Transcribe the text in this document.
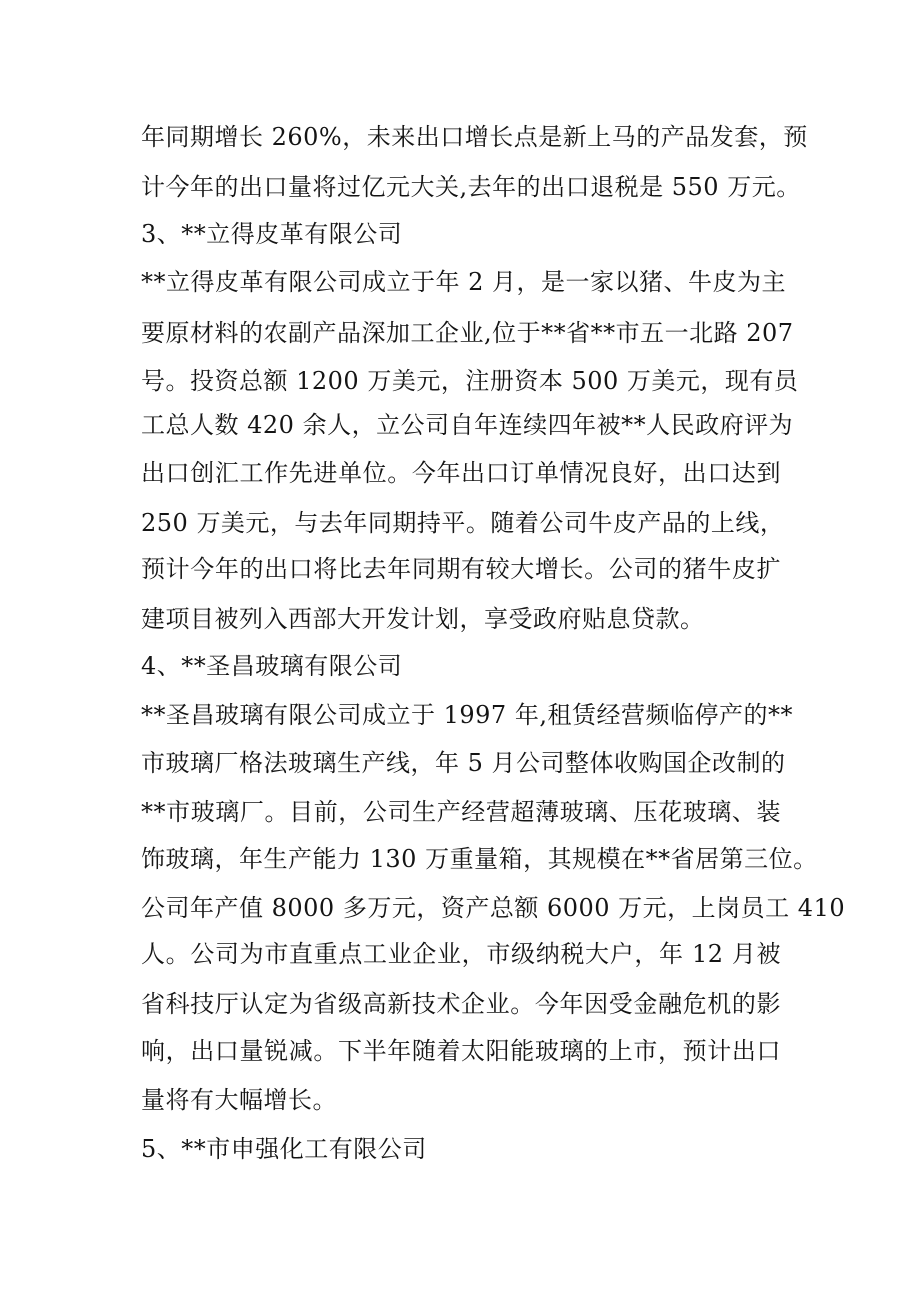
年同期增长 260%，未来出口增长点是新上马的产品发套，预
计今年的出口量将过亿元大关,去年的出口退税是 550 万元。
3、**立得皮革有限公司
**立得皮革有限公司成立于年 2 月，是一家以猪、牛皮为主
要原材料的农副产品深加工企业,位于**省**市五一北路 207
号。投资总额 1200 万美元，注册资本 500 万美元，现有员
工总人数 420 余人，立公司自年连续四年被**人民政府评为
出口创汇工作先进单位。今年出口订单情况良好，出口达到
250 万美元，与去年同期持平。随着公司牛皮产品的上线，
预计今年的出口将比去年同期有较大增长。公司的猪牛皮扩
建项目被列入西部大开发计划，享受政府贴息贷款。
4、**圣昌玻璃有限公司
**圣昌玻璃有限公司成立于 1997 年,租赁经营频临停产的**
市玻璃厂格法玻璃生产线，年 5 月公司整体收购国企改制的
**市玻璃厂。目前，公司生产经营超薄玻璃、压花玻璃、装
饰玻璃，年生产能力 130 万重量箱，其规模在**省居第三位。
公司年产值 8000 多万元，资产总额 6000 万元，上岗员工 410
人。公司为市直重点工业企业，市级纳税大户，年 12 月被
省科技厅认定为省级高新技术企业。今年因受金融危机的影
响，出口量锐减。下半年随着太阳能玻璃的上市，预计出口
量将有大幅增长。
5、**市申强化工有限公司
